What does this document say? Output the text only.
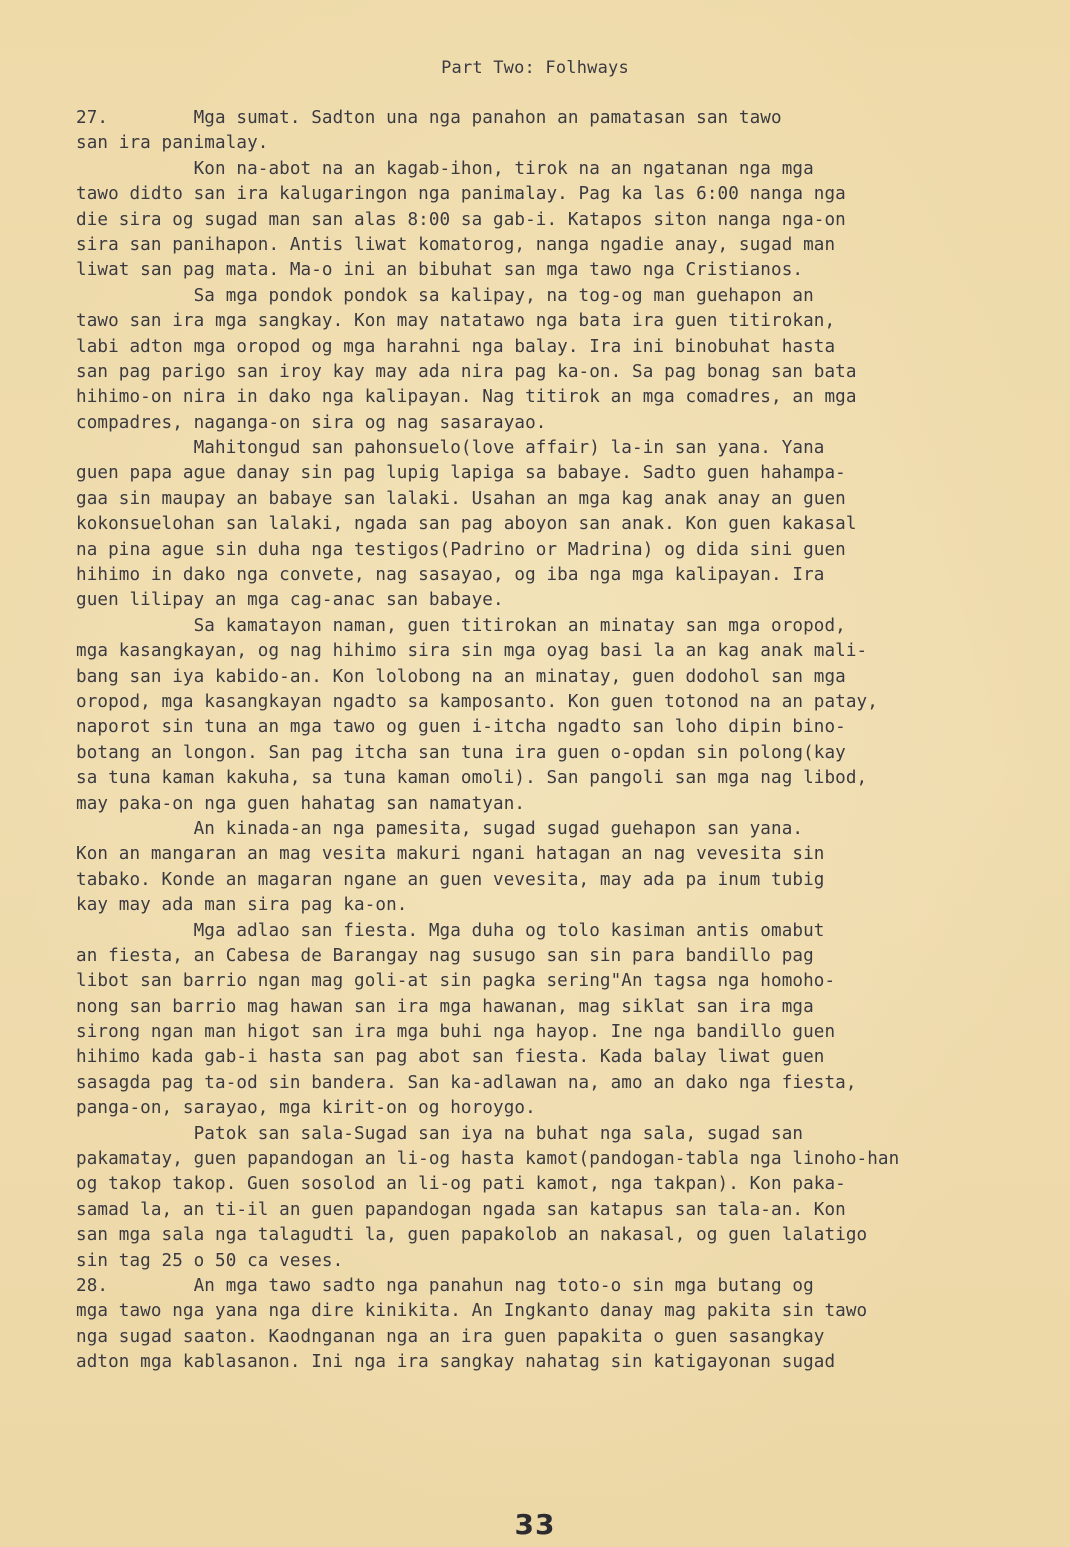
Part Two: Folhways
27.        Mga sumat. Sadton una nga panahon an pamatasan san tawo
san ira panimalay.
Kon na-abot na an kagab-ihon, tirok na an ngatanan nga mga
tawo didto san ira kalugaringon nga panimalay. Pag ka las 6:00 nanga nga
die sira og sugad man san alas 8:00 sa gab-i. Katapos siton nanga nga-on
sira san panihapon. Antis liwat komatorog, nanga ngadie anay, sugad man
liwat san pag mata. Ma-o ini an bibuhat san mga tawo nga Cristianos.
Sa mga pondok pondok sa kalipay, na tog-og man guehapon an
tawo san ira mga sangkay. Kon may natatawo nga bata ira guen titirokan,
labi adton mga oropod og mga harahni nga balay. Ira ini binobuhat hasta
san pag parigo san iroy kay may ada nira pag ka-on. Sa pag bonag san bata
hihimo-on nira in dako nga kalipayan. Nag titirok an mga comadres, an mga
compadres, naganga-on sira og nag sasarayao.
Mahitongud san pahonsuelo(love affair) la-in san yana. Yana
guen papa ague danay sin pag lupig lapiga sa babaye. Sadto guen hahampa-
gaa sin maupay an babaye san lalaki. Usahan an mga kag anak anay an guen
kokonsuelohan san lalaki, ngada san pag aboyon san anak. Kon guen kakasal
na pina ague sin duha nga testigos(Padrino or Madrina) og dida sini guen
hihimo in dako nga convete, nag sasayao, og iba nga mga kalipayan. Ira
guen lilipay an mga cag-anac san babaye.
Sa kamatayon naman, guen titirokan an minatay san mga oropod,
mga kasangkayan, og nag hihimo sira sin mga oyag basi la an kag anak mali-
bang san iya kabido-an. Kon lolobong na an minatay, guen dodohol san mga
oropod, mga kasangkayan ngadto sa kamposanto. Kon guen totonod na an patay,
naporot sin tuna an mga tawo og guen i-itcha ngadto san loho dipin bino-
botang an longon. San pag itcha san tuna ira guen o-opdan sin polong(kay
sa tuna kaman kakuha, sa tuna kaman omoli). San pangoli san mga nag libod,
may paka-on nga guen hahatag san namatyan.
An kinada-an nga pamesita, sugad sugad guehapon san yana.
Kon an mangaran an mag vesita makuri ngani hatagan an nag vevesita sin
tabako. Konde an magaran ngane an guen vevesita, may ada pa inum tubig
kay may ada man sira pag ka-on.
Mga adlao san fiesta. Mga duha og tolo kasiman antis omabut
an fiesta, an Cabesa de Barangay nag susugo san sin para bandillo pag
libot san barrio ngan mag goli-at sin pagka sering"An tagsa nga homoho-
nong san barrio mag hawan san ira mga hawanan, mag siklat san ira mga
sirong ngan man higot san ira mga buhi nga hayop. Ine nga bandillo guen
hihimo kada gab-i hasta san pag abot san fiesta. Kada balay liwat guen
sasagda pag ta-od sin bandera. San ka-adlawan na, amo an dako nga fiesta,
panga-on, sarayao, mga kirit-on og horoygo.
Patok san sala-Sugad san iya na buhat nga sala, sugad san
pakamatay, guen papandogan an li-og hasta kamot(pandogan-tabla nga linoho-han
og takop takop. Guen sosolod an li-og pati kamot, nga takpan). Kon paka-
samad la, an ti-il an guen papandogan ngada san katapus san tala-an. Kon
san mga sala nga talagudti la, guen papakolob an nakasal, og guen lalatigo
sin tag 25 o 50 ca veses.
28.        An mga tawo sadto nga panahun nag toto-o sin mga butang og
mga tawo nga yana nga dire kinikita. An Ingkanto danay mag pakita sin tawo
nga sugad saaton. Kaodnganan nga an ira guen papakita o guen sasangkay
adton mga kablasanon. Ini nga ira sangkay nahatag sin katigayonan sugad
33
